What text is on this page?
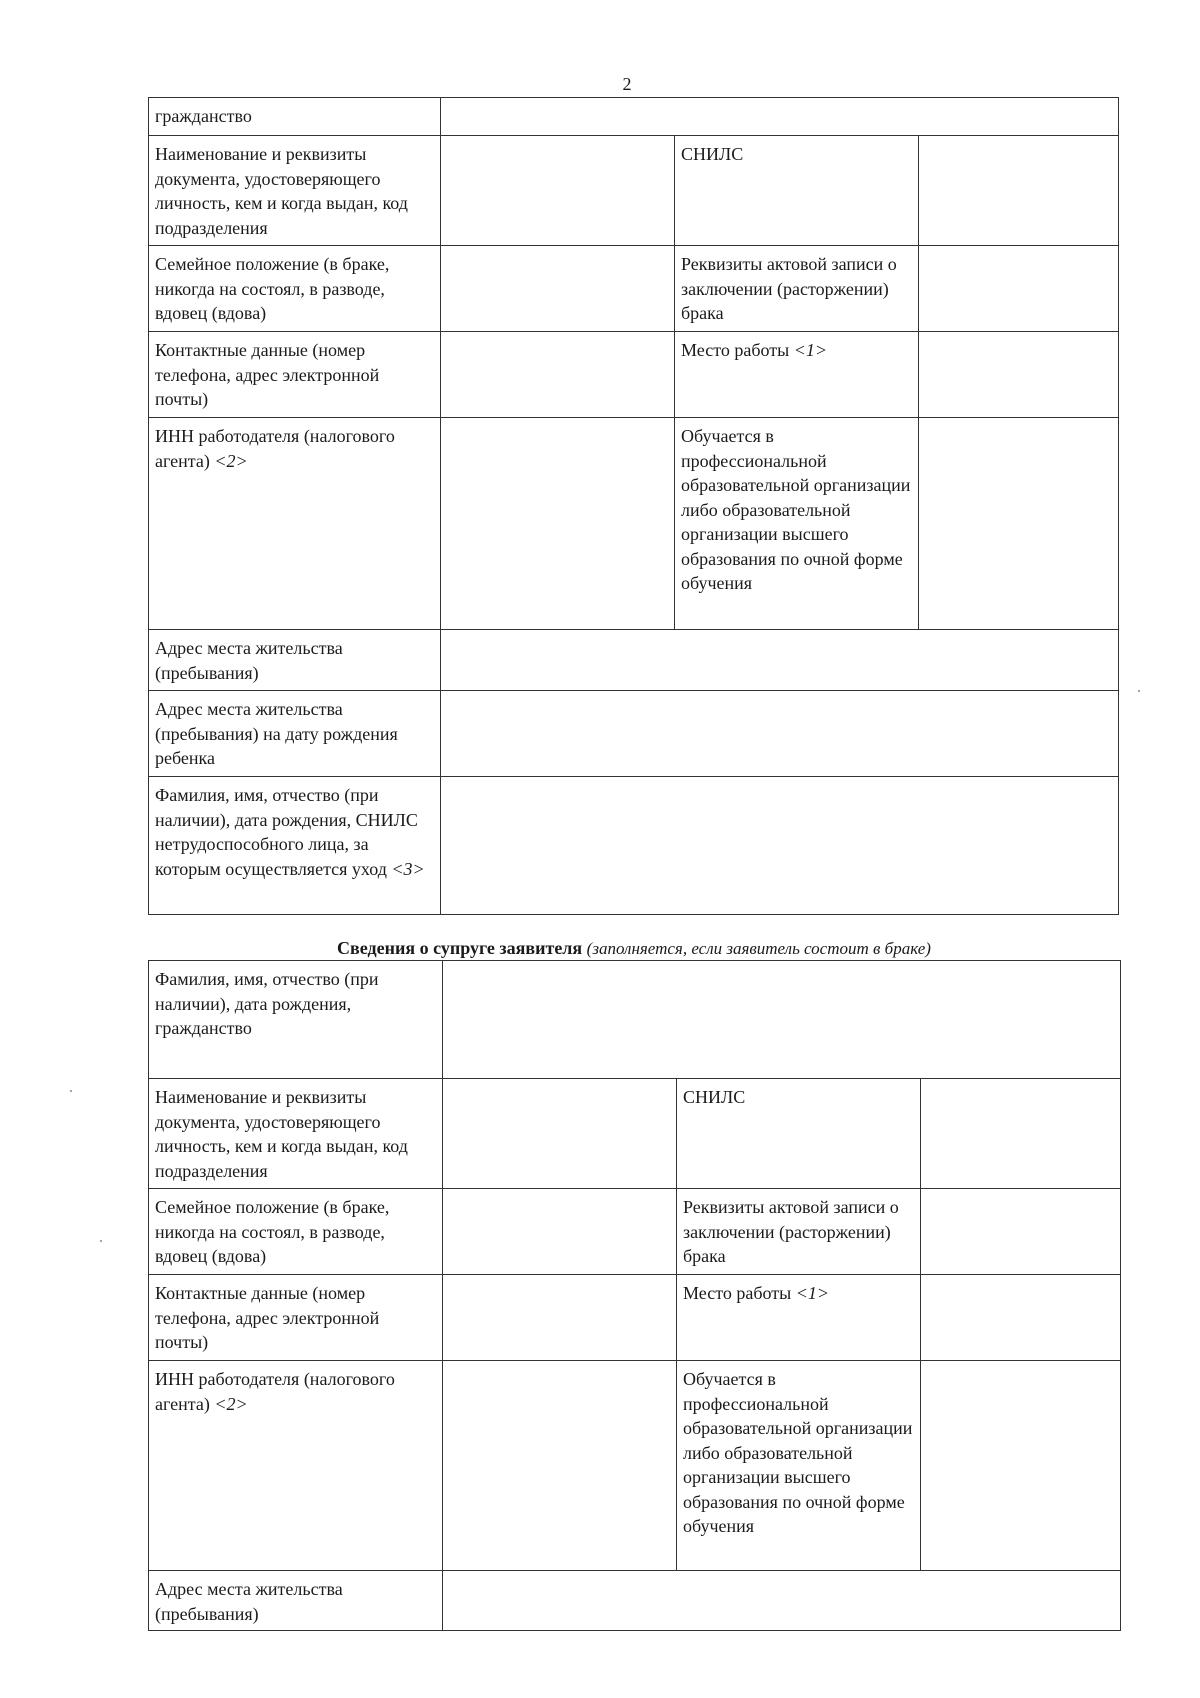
2
гражданство			
Наименование и реквизиты документа, удостоверяющего личность, кем и когда выдан, код подразделения		СНИЛС	
Семейное положение (в браке, никогда на состоял, в разводе, вдовец (вдова)		Реквизиты актовой записи о заключении (расторжении) брака	
Контактные данные (номер телефона, адрес электронной почты)		Место работы <1>	
ИНН работодателя (налогового агента) <2>		Обучается в профессиональной образовательной организации либо образовательной организации высшего образования по очной форме обучения	
Адрес места жительства (пребывания)			
Адрес места жительства (пребывания) на дату рождения ребенка			
Фамилия, имя, отчество (при наличии), дата рождения, СНИЛС нетрудоспособного лица, за которым осуществляется уход <3>			
Сведения о супруге заявителя (заполняется, если заявитель состоит в браке)
Фамилия, имя, отчество (при наличии), дата рождения, гражданство			
Наименование и реквизиты документа, удостоверяющего личность, кем и когда выдан, код подразделения		СНИЛС	
Семейное положение (в браке, никогда на состоял, в разводе, вдовец (вдова)		Реквизиты актовой записи о заключении (расторжении) брака	
Контактные данные (номер телефона, адрес электронной почты)		Место работы <1>	
ИНН работодателя (налогового агента) <2>		Обучается в профессиональной образовательной организации либо образовательной организации высшего образования по очной форме обучения	
Адрес места жительства (пребывания)			
